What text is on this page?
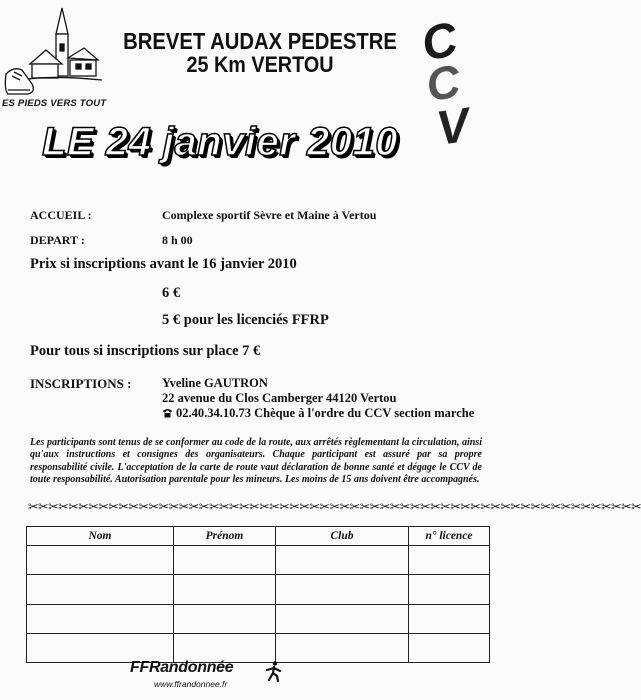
ES PIEDS VERS TOUT
BREVET AUDAX PEDESTRE
25 Km VERTOU	C
C
V
LE 24 janvier 2010
ACCUEIL :	Complexe sportif Sèvre et Maine à Vertou
DEPART :	8 h 00
Prix si inscriptions avant le 16 janvier 2010
6 €
5 € pour les licenciés FFRP
Pour tous si inscriptions sur place 7 €
INSCRIPTIONS : Yveline GAUTRON
22 avenue du Clos Camberger 44120 Vertou
02.40.34.10.73 Chèque à l'ordre du CCV section marche
Les participants sont tenus de se conformer au code de la route, aux arrêtés règlementant la circulation, ainsi qu'aux instructions et consignes des organisateurs. Chaque participant est assuré par sa propre responsabilité civile. L'acceptation de la carte de route vaut déclaration de bonne santé et dégage le CCV de toute responsabilité. Autorisation parentale pour les mineurs. Les moins de 15 ans doivent être accompagnés.
✂✂✂✂✂✂✂✂✂✂✂✂✂✂✂✂✂✂✂✂✂✂✂✂✂✂✂✂✂✂✂✂✂✂✂✂✂✂✂✂✂✂✂✂✂✂✂✂✂✂✂✂✂✂✂✂✂✂✂✂✂
Nom	Prénom	Club	n° licence

FFRandonnée
www.ffrandonnee.fr
